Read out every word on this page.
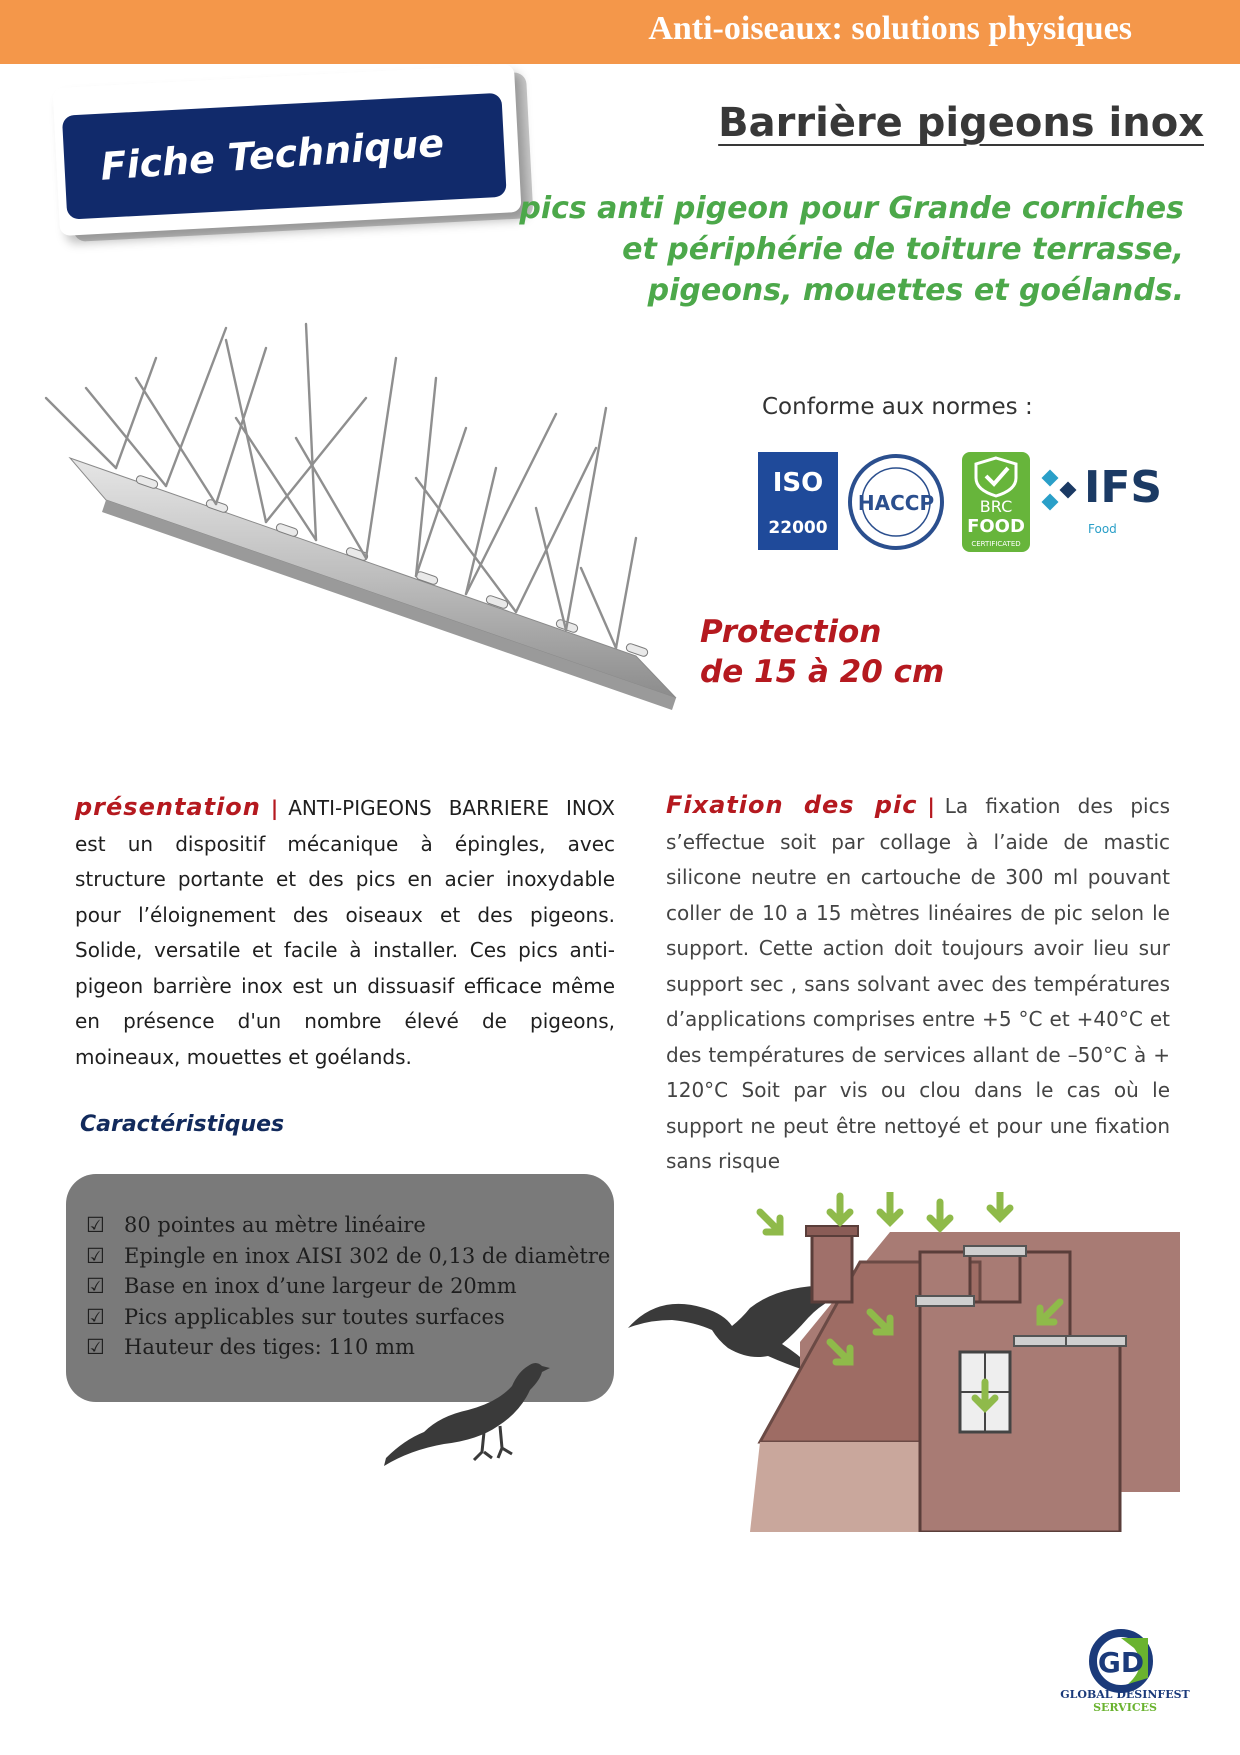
Anti-oiseaux: solutions physiques
Fiche Technique	Barrière pigeons inox
pics anti pigeon pour Grande corniches
et périphérie de toiture terrasse,
pigeons, mouettes et goélands.
Conforme aux normes :
ISO
22000
HACCP	BRC
FOOD
CERTIFICATED
IFS
Food
Protection
de 15 à 20 cm
présentation | ANTI-PIGEONS BARRIERE INOX est un dispositif mécanique à épingles, avec structure portante et des pics en acier inoxydable pour l’éloignement des oiseaux et des pigeons. Solide, versatile et facile à installer. Ces pics anti-pigeon barrière inox est un dissuasif efficace même en présence d'un nombre élevé de pigeons, moineaux, mouettes et goélands.
Fixation des pic | La fixation des pics s’effectue soit par collage à l’aide de mastic silicone neutre en cartouche de 300 ml pouvant coller de 10 a 15 mètres linéaires de pic selon le support. Cette action doit toujours avoir lieu sur support sec , sans solvant avec des températures d’applications comprises entre +5 °C et +40°C et des températures de services allant de –50°C à + 120°C Soit par vis ou clou dans le cas où le support ne peut être nettoyé et pour une fixation sans risque
Caractéristiques
☑ 80 pointes au mètre linéaire
☑ Epingle en inox AISI 302 de 0,13 de diamètre
☑ Base en inox d’une largeur de 20mm
☑ Pics applicables sur toutes surfaces
☑ Hauteur des tiges: 110 mm
GD
GLOBAL DESINFEST
SERVICES
